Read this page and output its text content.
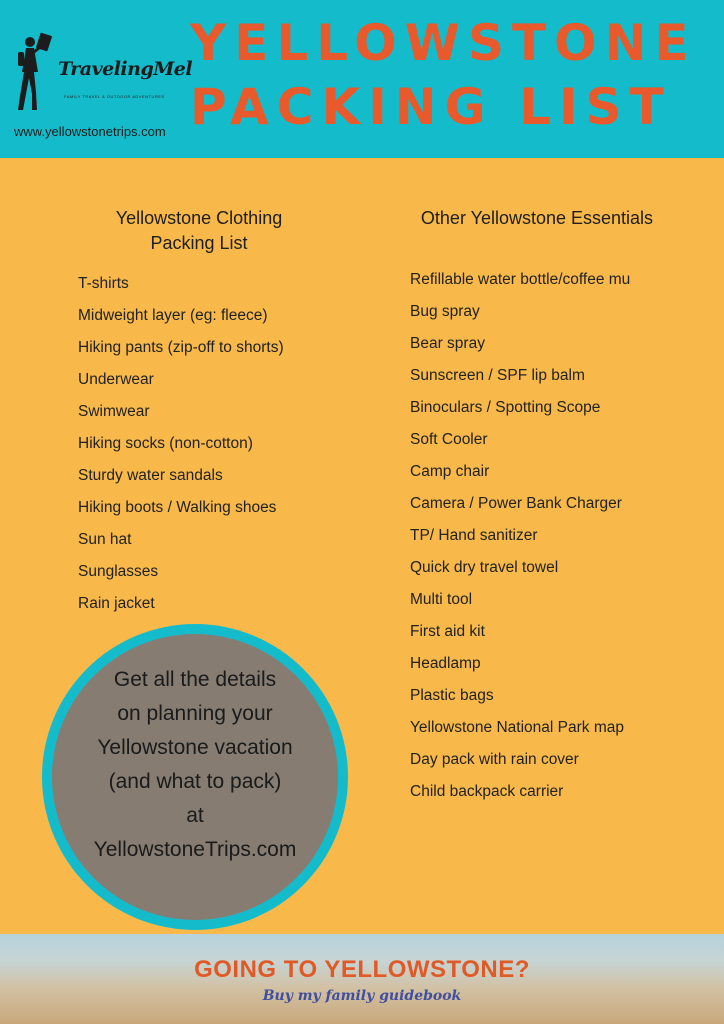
TravelingMel
FAMILY TRAVEL & OUTDOOR ADVENTURES
www.yellowstonetrips.com
YELLOWSTONE
PACKING LIST
Yellowstone Clothing
Packing List
T-shirts
Midweight layer (eg: fleece)
Hiking pants (zip-off to shorts)
Underwear
Swimwear
Hiking socks (non-cotton)
Sturdy water sandals
Hiking boots / Walking shoes
Sun hat
Sunglasses
Rain jacket
Other Yellowstone Essentials
Refillable water bottle/coffee mu
Bug spray
Bear spray
Sunscreen / SPF lip balm
Binoculars / Spotting Scope
Soft Cooler
Camp chair
Camera / Power Bank Charger
TP/ Hand sanitizer
Quick dry travel towel
Multi tool
First aid kit
Headlamp
Plastic bags
Yellowstone National Park map
Day pack with rain cover
Child backpack carrier
Get all the details
on planning your
Yellowstone vacation
(and what to pack)
at
YellowstoneTrips.com
GOING TO YELLOWSTONE?
Buy my family guidebook
